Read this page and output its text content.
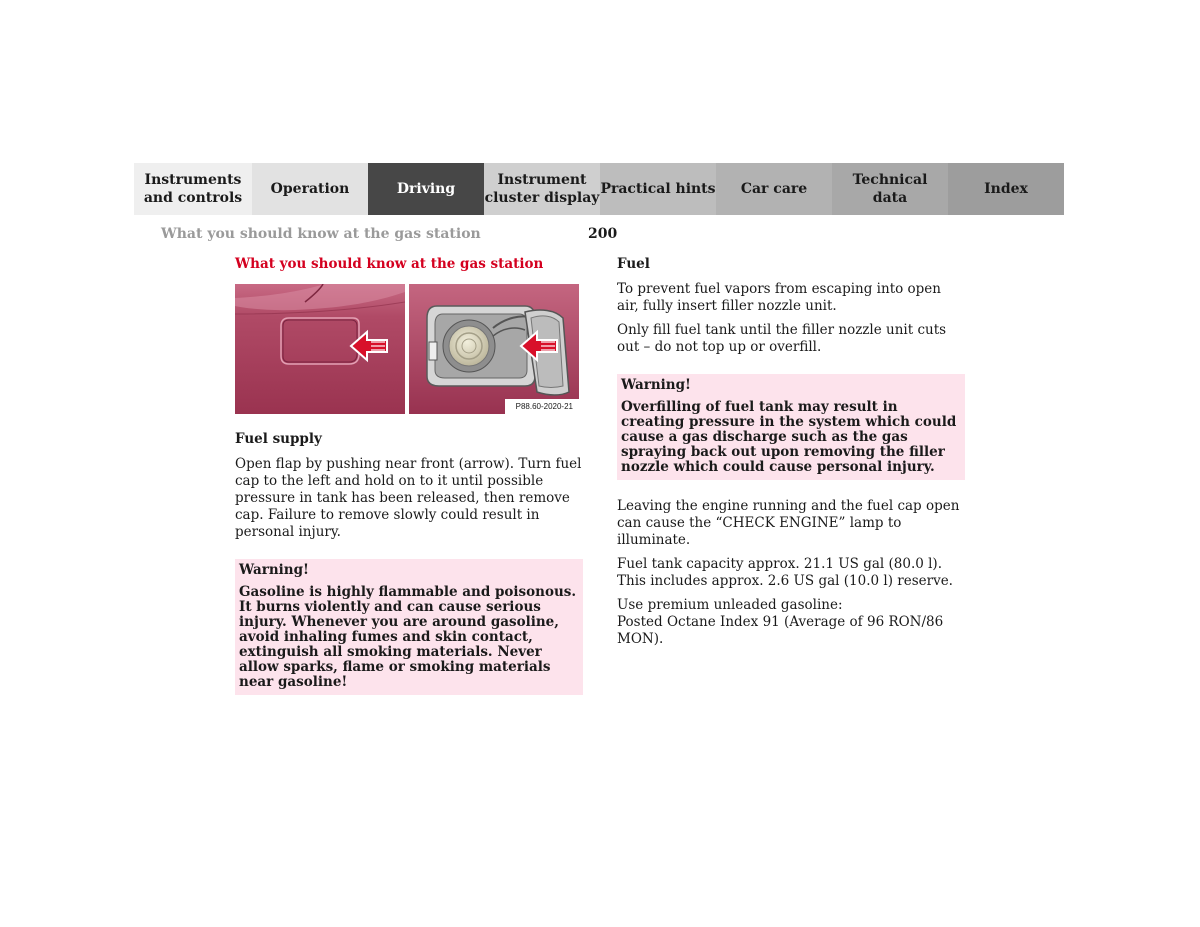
Instruments
and controls
Operation	Driving
Instrument
cluster display
Practical hints	Car care
Technical
data
Index
What you should know at the gas station	200
What you should know at the gas station
P88.60-2020-21
Fuel supply

Open flap by pushing near front (arrow). Turn fuel cap to the left and hold on to it until possible pressure in tank has been released, then remove cap. Failure to remove slowly could result in personal injury.

Warning!
Gasoline is highly flammable and poisonous. It burns violently and can cause serious injury. Whenever you are around gasoline, avoid inhaling fumes and skin contact, extinguish all smoking materials. Never allow sparks, flame or smoking materials near gasoline!
Fuel

To prevent fuel vapors from escaping into open air, fully insert filler nozzle unit.

Only fill fuel tank until the filler nozzle unit cuts out – do not top up or overfill.

Warning!
Overfilling of fuel tank may result in creating pressure in the system which could cause a gas discharge such as the gas spraying back out upon removing the filler nozzle which could cause personal injury.

Leaving the engine running and the fuel cap open can cause the “CHECK ENGINE” lamp to illuminate.

Fuel tank capacity approx. 21.1 US gal (80.0 l).
This includes approx. 2.6 US gal (10.0 l) reserve.

Use premium unleaded gasoline:
Posted Octane Index 91 (Average of 96 RON/86 MON).
